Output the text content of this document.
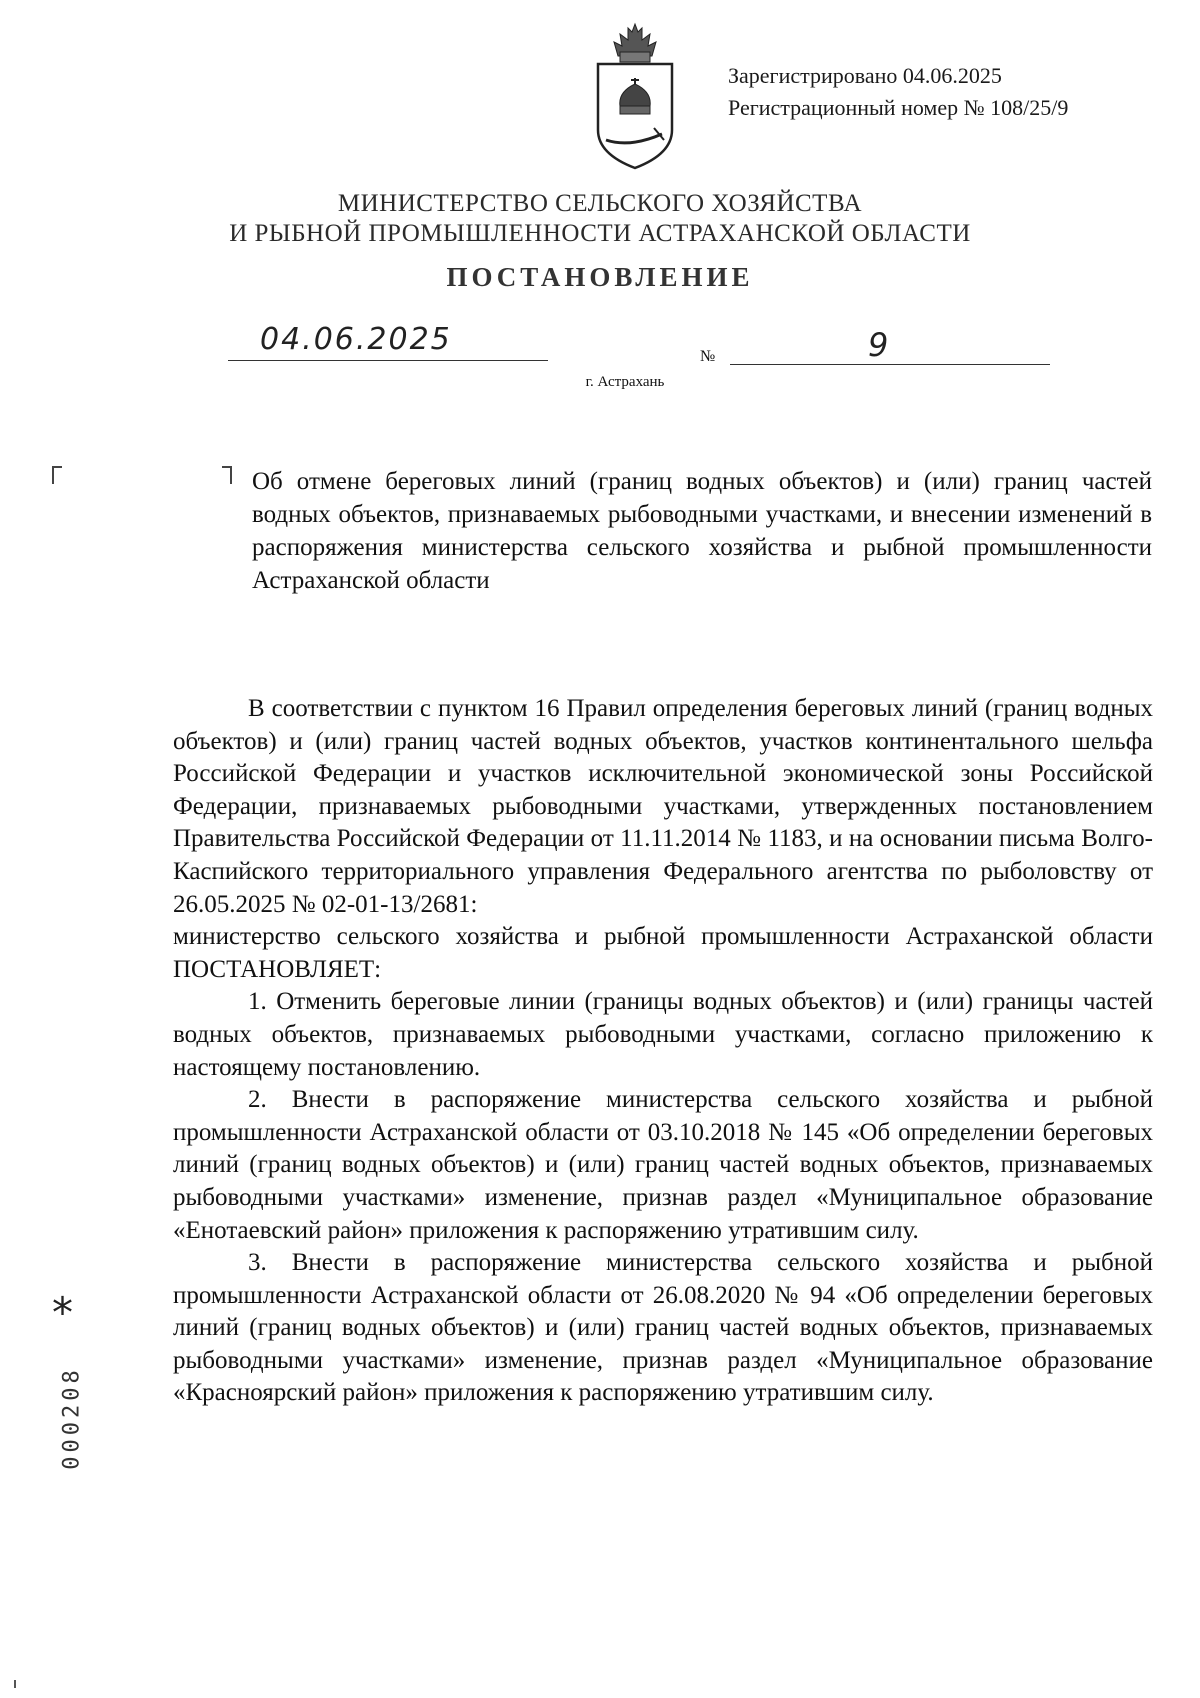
Зарегистрировано 04.06.2025
Регистрационный номер № 108/25/9
МИНИСТЕРСТВО СЕЛЬСКОГО ХОЗЯЙСТВА
И РЫБНОЙ ПРОМЫШЛЕННОСТИ АСТРАХАНСКОЙ ОБЛАСТИ
ПОСТАНОВЛЕНИЕ
04.06.2025	№	9
г. Астрахань
Об отмене береговых линий (границ водных объектов) и (или) границ частей водных объектов, признаваемых рыбоводными участками, и внесении изменений в распоряжения министерства сельского хозяйства и рыбной промышленности Астраханской области

В соответствии с пунктом 16 Правил определения береговых линий (границ водных объектов) и (или) границ частей водных объектов, участков континентального шельфа Российской Федерации и участков исключительной экономической зоны Российской Федерации, признаваемых рыбоводными участками, утвержденных постановлением Правительства Российской Федерации от 11.11.2014 № 1183, и на основании письма Волго-Каспийского территориального управления Федерального агентства по рыболовству от 26.05.2025 № 02-01-13/2681:

министерство сельского хозяйства и рыбной промышленности Астраханской области ПОСТАНОВЛЯЕТ:

1. Отменить береговые линии (границы водных объектов) и (или) границы частей водных объектов, признаваемых рыбоводными участками, согласно приложению к настоящему постановлению.

2. Внести в распоряжение министерства сельского хозяйства и рыбной промышленности Астраханской области от 03.10.2018 № 145 «Об определении береговых линий (границ водных объектов) и (или) границ частей водных объектов, признаваемых рыбоводными участками» изменение, признав раздел «Муниципальное образование «Енотаевский район» приложения к распоряжению утратившим силу.

3. Внести в распоряжение министерства сельского хозяйства и рыбной промышленности Астраханской области от 26.08.2020 № 94 «Об определении береговых линий (границ водных объектов) и (или) границ частей водных объектов, признаваемых рыбоводными участками» изменение, признав раздел «Муниципальное образование «Красноярский район» приложения к распоряжению утратившим силу.

*
000208
